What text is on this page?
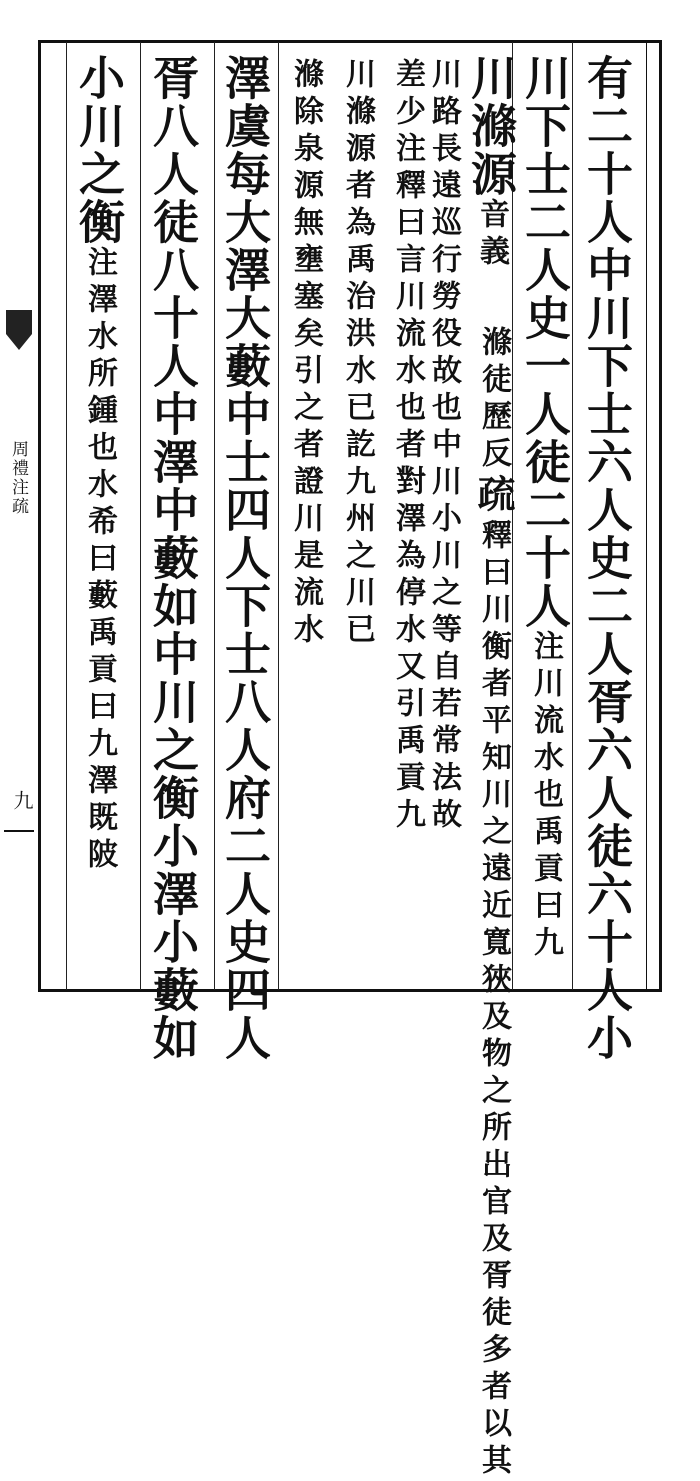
有二十人中川下士六人史二人胥六人徒六十人小
川下士二人史一人徒二十人注川流水也禹貢曰九
川滌源音義
滌徒歷反疏釋曰川衡者平知川之遠近寬狹及物之所出官及胥徒多者以其
川路長遠巡行勞役故也中川小川之等自若常法故
差少注釋曰言川流水也者對澤為停水又引禹貢九
川滌源者為禹治洪水已訖九州之川已
滌除泉源無壅塞矣引之者證川是流水
澤虞每大澤大藪中士四人下士八人府二人史四人
胥八人徒八十人中澤中藪如中川之衡小澤小藪如
小川之衡注澤水所鍾也水希曰藪禹貢曰九澤既陂
周禮注疏
九
